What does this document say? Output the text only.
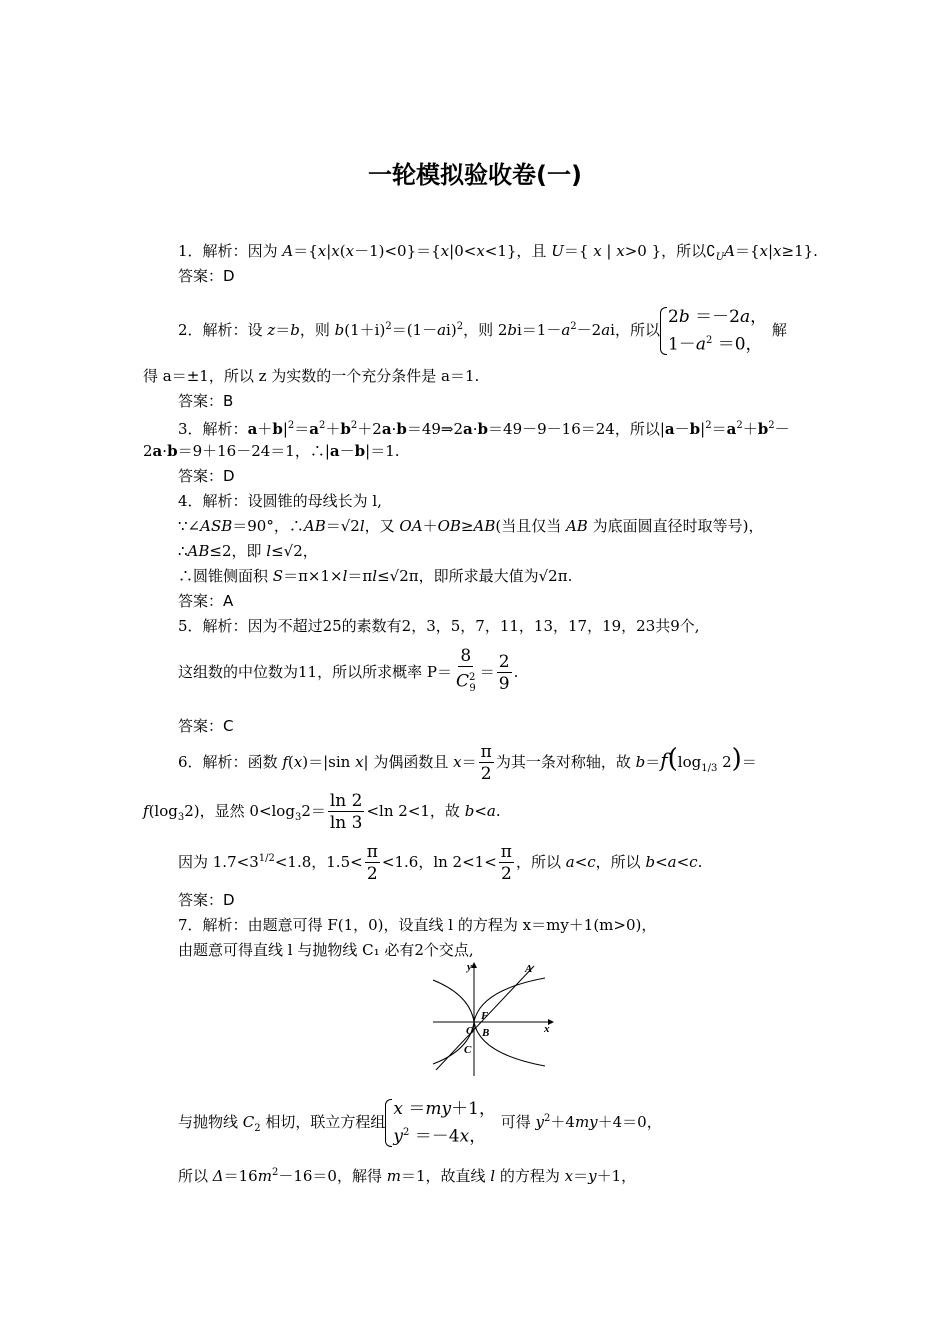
一轮模拟验收卷(一)
1．解析：因为 A＝{x|x(x－1)<0}＝{x|0<x<1}，且 U＝{ x | x>0 }，所以$∁_UA=\{x|x\ge 1\}$.
答案：D
2．解析：设 z＝b，则 $b(1+i)^2=(1-ai)^2$，则 $2bi=1-a^2-2ai$，所以
2b ＝－2a，
$1-a^2 =0$，
解
得 a＝±1，所以 z 为实数的一个充分条件是 a＝1.
答案：B
3．解析：$a+b|^2=a^2+b^2+2a\cdot b=49\Rightarrow 2a\cdot b=49-9-16=24$，所以$|a-b|^2=a^2+b^2-$
2a·b＝9＋16－24＝1，∴|a－b|＝1.
答案：D
4．解析：设圆锥的母线长为 l,
∵∠ASB＝90°，∴AB＝√2l，又 OA＋OB≥AB(当且仅当 AB 为底面圆直径时取等号)，
∴AB≤2，即 l≤√2，
∴圆锥侧面积 S＝π×1×l＝πl≤√2π，即所求最大值为√2π.
答案：A
5．解析：因为不超过25的素数有2，3，5，7，11，13，17，19，23共9个,
这组数的中位数为11，所以所求概率 $P= \frac{8}{C^2_9} = \frac{2}{9}$ .
答案：C
6．解析：函数 f(x)＝|sin x| 为偶函数且 $x= \frac{\pi}{2}$ 为其一条对称轴，故 $b=f(\log_{1/3}$ 2)＝
$f(\log_32)$，显然 $0<\log_32= \frac{\ln 2}{\ln 3} <\ln$ 2<1，故 b<a.
因为 $1.7<3^{1/2}<1.8$，$1.5< \frac{\pi}{2} <1.6$，$\ln 2<1< \frac{\pi}{2}$ ，所以 a<c，所以 b<a<c.
答案：D
7．解析：由题意可得 F(1，0)，设直线 l 的方程为 x＝my＋1(m>0)，
由题意可得直线 l 与抛物线 C₁ 必有2个交点,
y	A
F
O B
C
x
与抛物线 $C_2$ 相切，联立方程组
x ＝my＋1，
$y^2 =-4x$，
可得 $y^2+4my+4=0$，
所以 $\Delta=16m^2-16=0$，解得 m＝1，故直线 l 的方程为 x＝y＋1，
